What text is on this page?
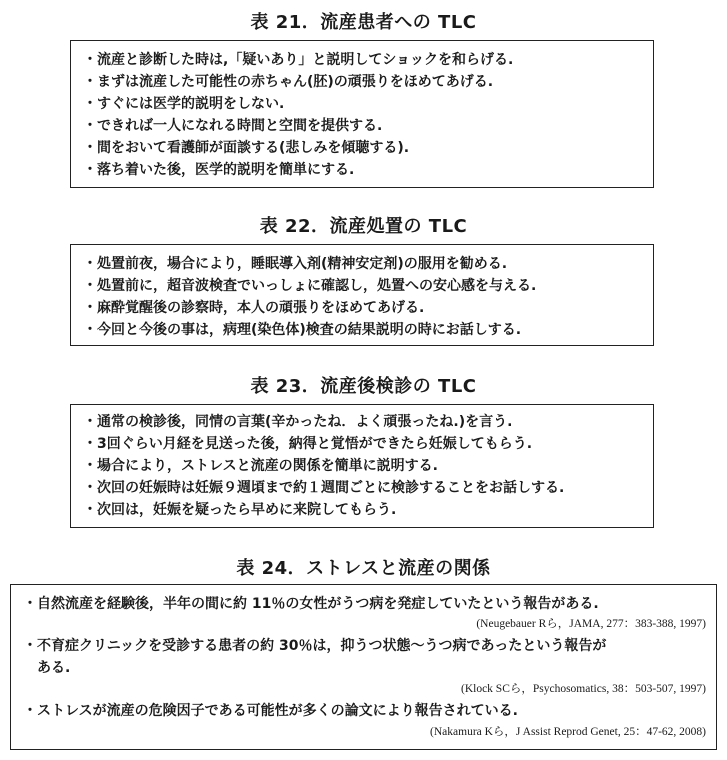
表 21．流産患者への TLC
・流産と診断した時は,「疑いあり」と説明してショックを和らげる.
・まずは流産した可能性の赤ちゃん(胚)の頑張りをほめてあげる.
・すぐには医学的説明をしない.
・できれば一人になれる時間と空間を提供する.
・間をおいて看護師が面談する(悲しみを傾聴する).
・落ち着いた後，医学的説明を簡単にする.
表 22．流産処置の TLC
・処置前夜，場合により，睡眠導入剤(精神安定剤)の服用を勧める.
・処置前に，超音波検査でいっしょに確認し，処置への安心感を与える.
・麻酔覚醒後の診察時，本人の頑張りをほめてあげる.
・今回と今後の事は，病理(染色体)検査の結果説明の時にお話しする.
表 23．流産後検診の TLC
・通常の検診後，同情の言葉(辛かったね．よく頑張ったね.)を言う.
・3回ぐらい月経を見送った後，納得と覚悟ができたら妊娠してもらう.
・場合により，ストレスと流産の関係を簡単に説明する.
・次回の妊娠時は妊娠９週頃まで約１週間ごとに検診することをお話しする.
・次回は，妊娠を疑ったら早めに来院してもらう.
表 24．ストレスと流産の関係
・自然流産を経験後，半年の間に約 11％の女性がうつ病を発症していたという報告がある.
(Neugebauer Rら，JAMA, 277：383-388, 1997)
・不育症クリニックを受診する患者の約 30％は，抑うつ状態〜うつ病であったという報告が
ある.
(Klock SCら，Psychosomatics, 38：503-507, 1997)
・ストレスが流産の危険因子である可能性が多くの論文により報告されている.
(Nakamura Kら，J Assist Reprod Genet, 25：47-62, 2008)
